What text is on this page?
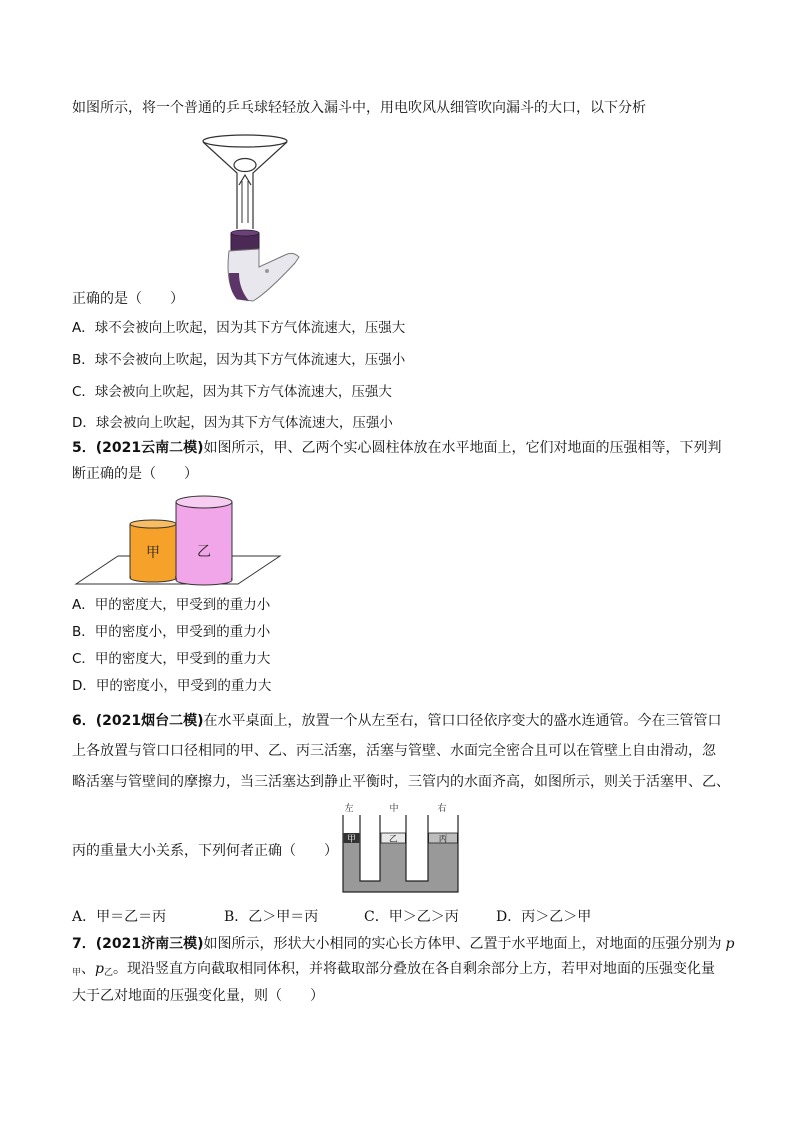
如图所示，将一个普通的乒乓球轻轻放入漏斗中，用电吹风从细管吹向漏斗的大口，以下分析
正确的是（　　）
A．球不会被向上吹起，因为其下方气体流速大，压强大
B．球不会被向上吹起，因为其下方气体流速大，压强小
C．球会被向上吹起，因为其下方气体流速大，压强大
D．球会被向上吹起，因为其下方气体流速大，压强小
5．(2021云南二模)如图所示，甲、乙两个实心圆柱体放在水平地面上，它们对地面的压强相等，下列判
断正确的是（　　）
甲	乙
A．甲的密度大，甲受到的重力小
B．甲的密度小，甲受到的重力小
C．甲的密度大，甲受到的重力大
D．甲的密度小，甲受到的重力大
6．(2021烟台二模)在水平桌面上，放置一个从左至右，管口口径依序变大的盛水连通管。今在三管管口
上各放置与管口口径相同的甲、乙、丙三活塞，活塞与管壁、水面完全密合且可以在管壁上自由滑动，忽
略活塞与管壁间的摩擦力，当三活塞达到静止平衡时，三管内的水面齐高，如图所示，则关于活塞甲、乙、
丙的重量大小关系，下列何者正确（　　）
左	中	右
甲	乙	丙
A．甲＝乙＝丙	B．乙＞甲＝丙	C．甲＞乙＞丙	D．丙＞乙＞甲
7．(2021济南三模)如图所示，形状大小相同的实心长方体甲、乙置于水平地面上，对地面的压强分别为 p
$_甲$、$p_乙$。现沿竖直方向截取相同体积，并将截取部分叠放在各自剩余部分上方，若甲对地面的压强变化量
大于乙对地面的压强变化量，则（　　）
